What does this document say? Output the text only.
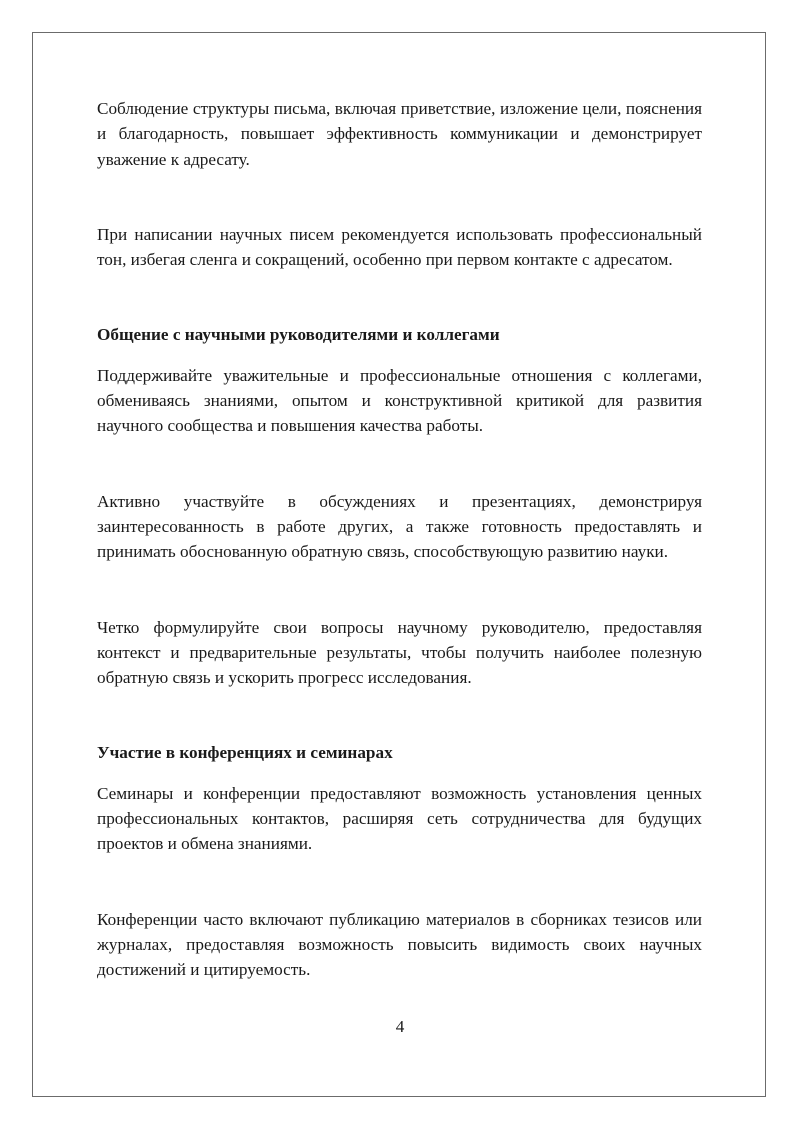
Соблюдение структуры письма, включая приветствие, изложение цели, пояснения и благодарность, повышает эффективность коммуникации и демонстрирует уважение к адресату.

При написании научных писем рекомендуется использовать профессиональный тон, избегая сленга и сокращений, особенно при первом контакте с адресатом.

Общение с научными руководителями и коллегами

Поддерживайте уважительные и профессиональные отношения с коллегами, обмениваясь знаниями, опытом и конструктивной критикой для развития научного сообщества и повышения качества работы.

Активно участвуйте в обсуждениях и презентациях, демонстрируя заинтересованность в работе других, а также готовность предоставлять и принимать обоснованную обратную связь, способствующую развитию науки.

Четко формулируйте свои вопросы научному руководителю, предоставляя контекст и предварительные результаты, чтобы получить наиболее полезную обратную связь и ускорить прогресс исследования.

Участие в конференциях и семинарах

Семинары и конференции предоставляют возможность установления ценных профессиональных контактов, расширяя сеть сотрудничества для будущих проектов и обмена знаниями.

Конференции часто включают публикацию материалов в сборниках тезисов или журналах, предоставляя возможность повысить видимость своих научных достижений и цитируемость.

4
